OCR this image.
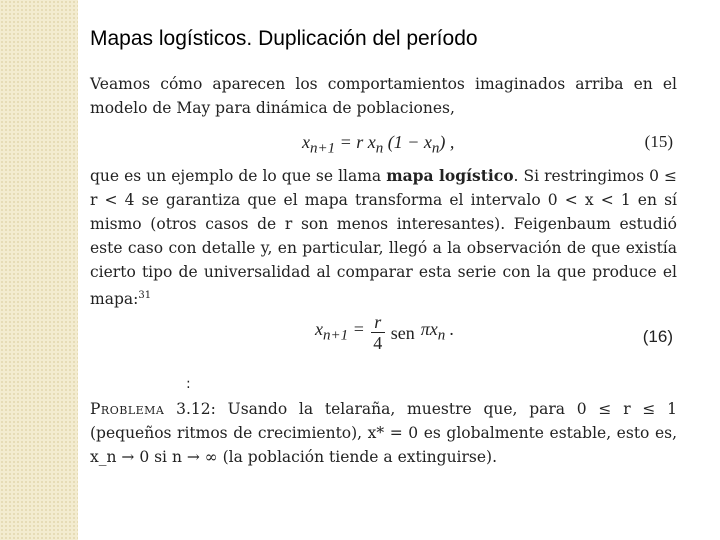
Mapas logísticos. Duplicación del período

Veamos cómo aparecen los comportamientos imaginados arriba en el modelo de May para dinámica de poblaciones,

$x_{n+1} = r$ $x_n$ $(1 - x_n)$ ,	(15)

que es un ejemplo de lo que se llama mapa logístico. Si restringimos 0 ≤ r < 4 se garantiza que el mapa transforma el intervalo 0 < x < 1 en sí mismo (otros casos de r son menos interesantes). Feigenbaum estudió este caso con detalle y, en particular, llegó a la observación de que existía cierto tipo de universalidad al comparar esta serie con la que produce el mapa:$^{31}$

$x_{n+1} = \frac{r}{4}$ sen $\pi x_n$ .	(16)
:
Problema 3.12: Usando la telaraña, muestre que, para 0 ≤ r ≤ 1 (pequeños ritmos de crecimiento), x* = 0 es globalmente estable, esto es, x_n → 0 si n → ∞ (la población tiende a extinguirse).
